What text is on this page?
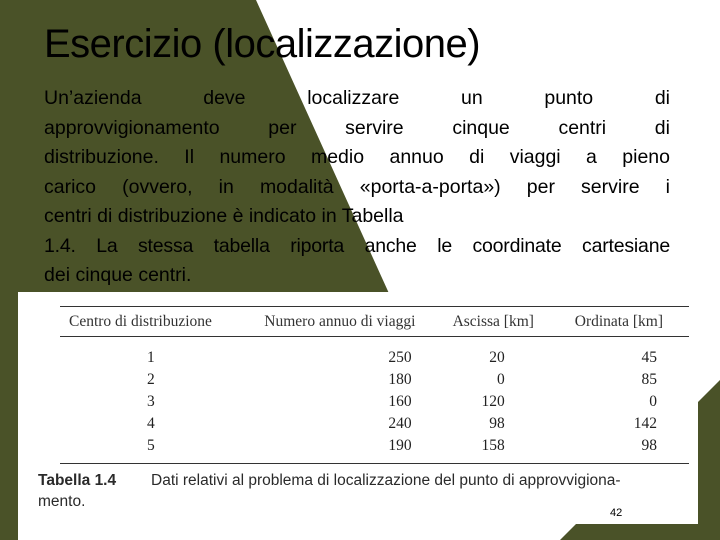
Esercizio (localizzazione)
Un’azienda deve localizzare un punto di
approvvigionamento per servire cinque centri di
distribuzione. Il numero medio annuo di viaggi a pieno
carico (ovvero, in modalità «porta-a-porta») per servire i
centri di distribuzione è indicato in Tabella
1.4. La stessa tabella riporta anche le coordinate cartesiane
dei cinque centri.
Centro di distribuzione	Numero annuo di viaggi	Ascissa [km]	Ordinata [km]
1	250	20	45
2	180	0	85
3	160	120	0
4	240	98	142
5	190	158	98
Tabella 1.4 Dati relativi al problema di localizzazione del punto di approvvigiona-
mento.
42
